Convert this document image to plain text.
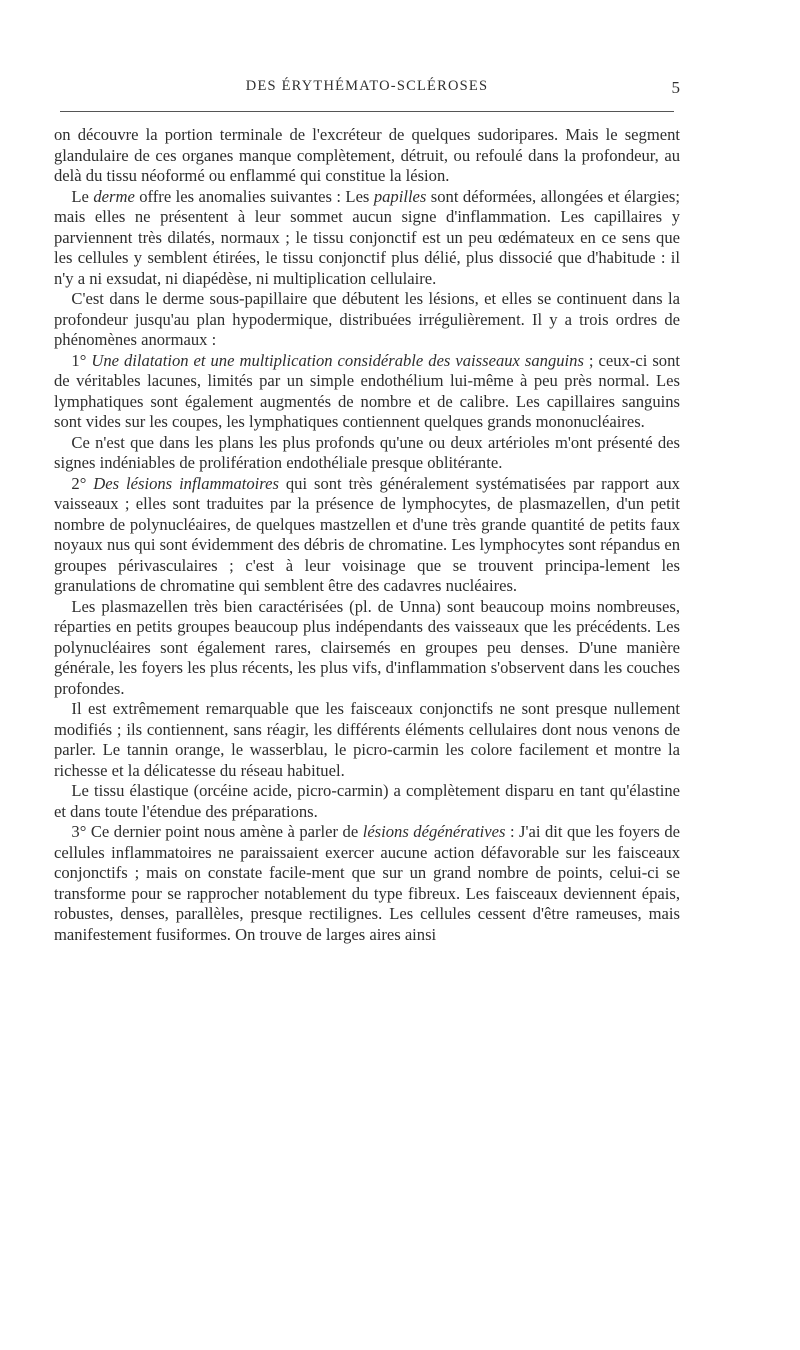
DES ÉRYTHÉMATO-SCLÉROSES	5

on découvre la portion terminale de l'excréteur de quelques sudoripares. Mais le segment glandulaire de ces organes manque complètement, détruit, ou refoulé dans la profondeur, au delà du tissu néoformé ou enflammé qui constitue la lésion.

Le derme offre les anomalies suivantes : Les papilles sont déformées, allongées et élargies; mais elles ne présentent à leur sommet aucun signe d'inflammation. Les capillaires y parviennent très dilatés, normaux ; le tissu conjonctif est un peu œdémateux en ce sens que les cellules y semblent étirées, le tissu conjonctif plus délié, plus dissocié que d'habitude : il n'y a ni exsudat, ni diapédèse, ni multiplication cellulaire.

C'est dans le derme sous-papillaire que débutent les lésions, et elles se continuent dans la profondeur jusqu'au plan hypodermique, distribuées irrégulièrement. Il y a trois ordres de phénomènes anormaux :

1° Une dilatation et une multiplication considérable des vaisseaux sanguins ; ceux-ci sont de véritables lacunes, limités par un simple endothélium lui-même à peu près normal. Les lymphatiques sont également augmentés de nombre et de calibre. Les capillaires sanguins sont vides sur les coupes, les lymphatiques contiennent quelques grands mononucléaires.

Ce n'est que dans les plans les plus profonds qu'une ou deux artérioles m'ont présenté des signes indéniables de prolifération endothéliale presque oblitérante.

2° Des lésions inflammatoires qui sont très généralement systématisées par rapport aux vaisseaux ; elles sont traduites par la présence de lymphocytes, de plasmazellen, d'un petit nombre de polynucléaires, de quelques mastzellen et d'une très grande quantité de petits faux noyaux nus qui sont évidemment des débris de chromatine. Les lymphocytes sont répandus en groupes périvasculaires ; c'est à leur voisinage que se trouvent principa-lement les granulations de chromatine qui semblent être des cadavres nucléaires.

Les plasmazellen très bien caractérisées (pl. de Unna) sont beaucoup moins nombreuses, réparties en petits groupes beaucoup plus indépendants des vaisseaux que les précédents. Les polynucléaires sont également rares, clairsemés en groupes peu denses. D'une manière générale, les foyers les plus récents, les plus vifs, d'inflammation s'observent dans les couches profondes.

Il est extrêmement remarquable que les faisceaux conjonctifs ne sont presque nullement modifiés ; ils contiennent, sans réagir, les différents éléments cellulaires dont nous venons de parler. Le tannin orange, le wasserblau, le picro-carmin les colore facilement et montre la richesse et la délicatesse du réseau habituel.

Le tissu élastique (orcéine acide, picro-carmin) a complètement disparu en tant qu'élastine et dans toute l'étendue des préparations.

3° Ce dernier point nous amène à parler de lésions dégénératives : J'ai dit que les foyers de cellules inflammatoires ne paraissaient exercer aucune action défavorable sur les faisceaux conjonctifs ; mais on constate facile-ment que sur un grand nombre de points, celui-ci se transforme pour se rapprocher notablement du type fibreux. Les faisceaux deviennent épais, robustes, denses, parallèles, presque rectilignes. Les cellules cessent d'être rameuses, mais manifestement fusiformes. On trouve de larges aires ainsi
